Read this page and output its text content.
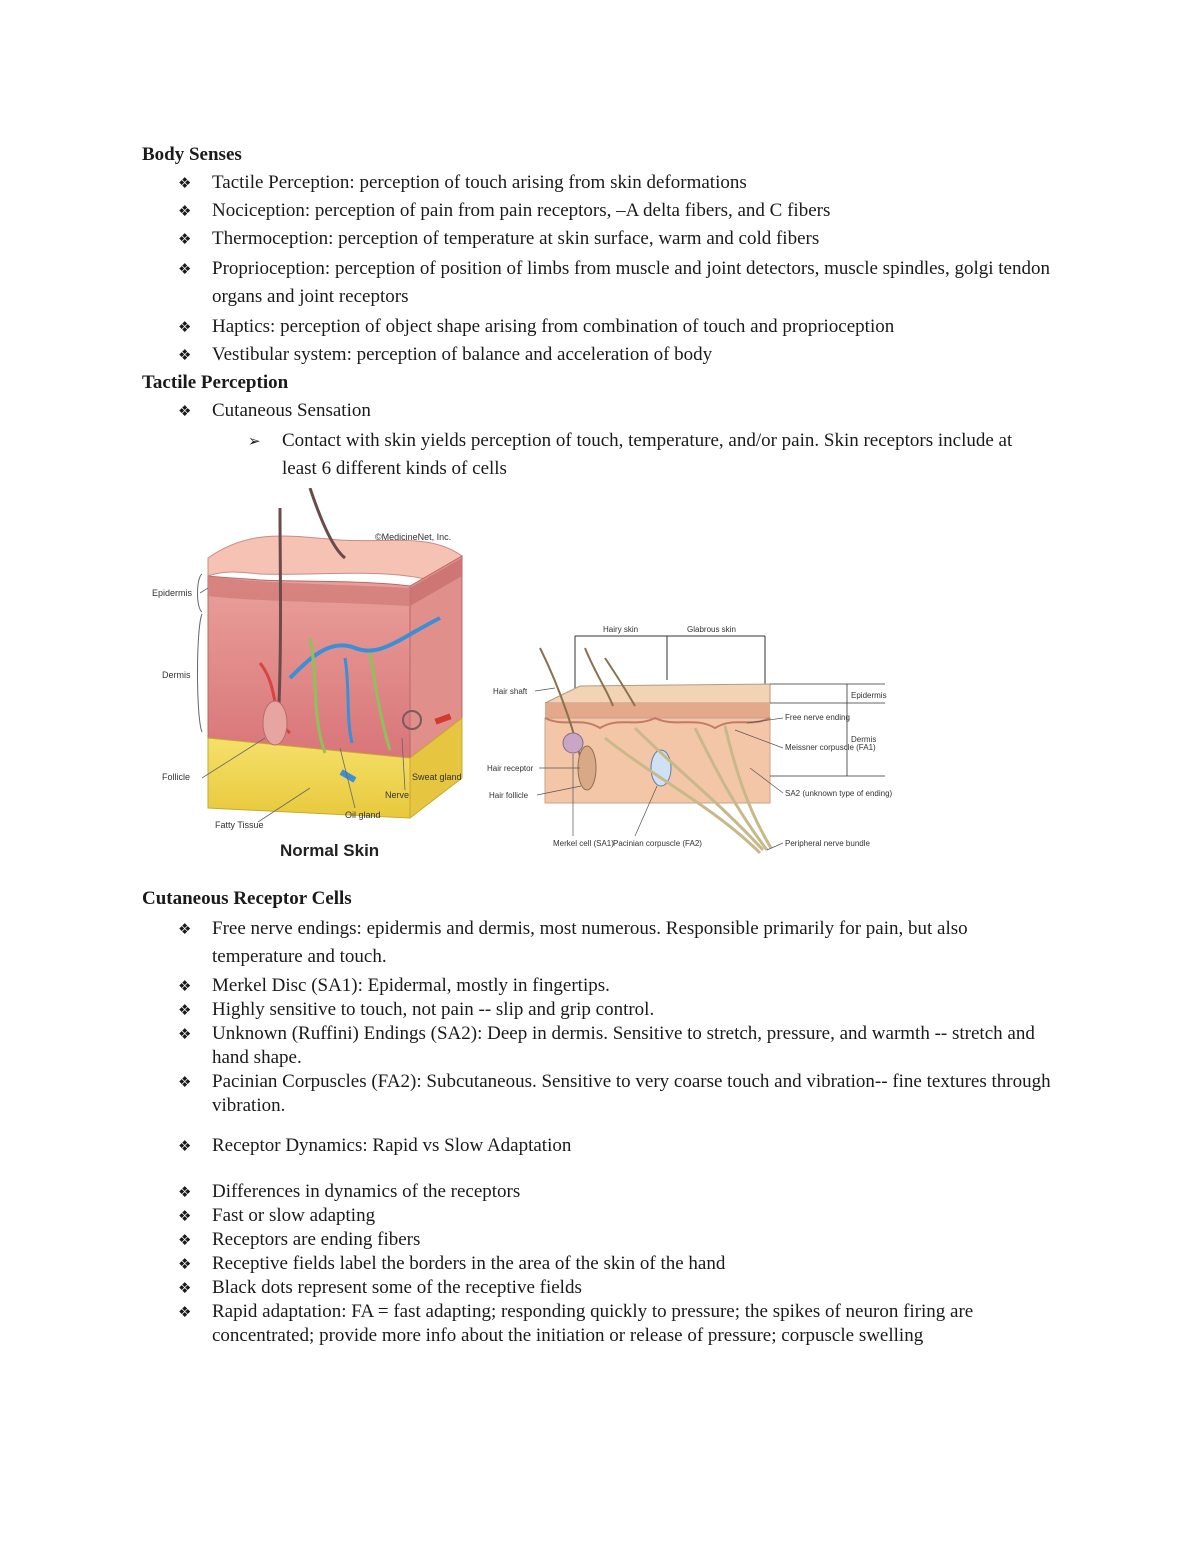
Body Senses
❖ Tactile Perception: perception of touch arising from skin deformations
❖ Nociception: perception of pain from pain receptors, –A delta fibers, and C fibers
❖ Thermoception: perception of temperature at skin surface, warm and cold fibers
❖ Proprioception: perception of position of limbs from muscle and joint detectors, muscle spindles, golgi tendon organs and joint receptors
❖ Haptics: perception of object shape arising from combination of touch and proprioception
❖ Vestibular system: perception of balance and acceleration of body
Tactile Perception
❖ Cutaneous Sensation
➢ Contact with skin yields perception of touch, temperature, and/or pain. Skin receptors include at least 6 different kinds of cells
©MedicineNet, Inc.
Epidermis
Dermis
Follicle
Fatty Tissue
Oil gland
Nerve
Sweat gland
Normal Skin
Hairy skin	Glabrous skin
Epidermis
Dermis
Hair shaft
Hair receptor
Hair follicle
Merkel cell (SA1) Pacinian corpuscle (FA2)
Free nerve ending
Meissner corpuscle (FA1)
SA2 (unknown type of ending)
Peripheral nerve bundle
Cutaneous Receptor Cells
❖ Free nerve endings: epidermis and dermis, most numerous. Responsible primarily for pain, but also temperature and touch.
❖ Merkel Disc (SA1): Epidermal, mostly in fingertips.
❖ Highly sensitive to touch, not pain -- slip and grip control.
❖ Unknown (Ruffini) Endings (SA2): Deep in dermis. Sensitive to stretch, pressure, and warmth -- stretch and hand shape.
❖ Pacinian Corpuscles (FA2): Subcutaneous. Sensitive to very coarse touch and vibration-- fine textures through vibration.
❖ Receptor Dynamics: Rapid vs Slow Adaptation
❖ Differences in dynamics of the receptors
❖ Fast or slow adapting
❖ Receptors are ending fibers
❖ Receptive fields label the borders in the area of the skin of the hand
❖ Black dots represent some of the receptive fields
❖ Rapid adaptation: FA = fast adapting; responding quickly to pressure; the spikes of neuron firing are concentrated; provide more info about the initiation or release of pressure; corpuscle swelling
